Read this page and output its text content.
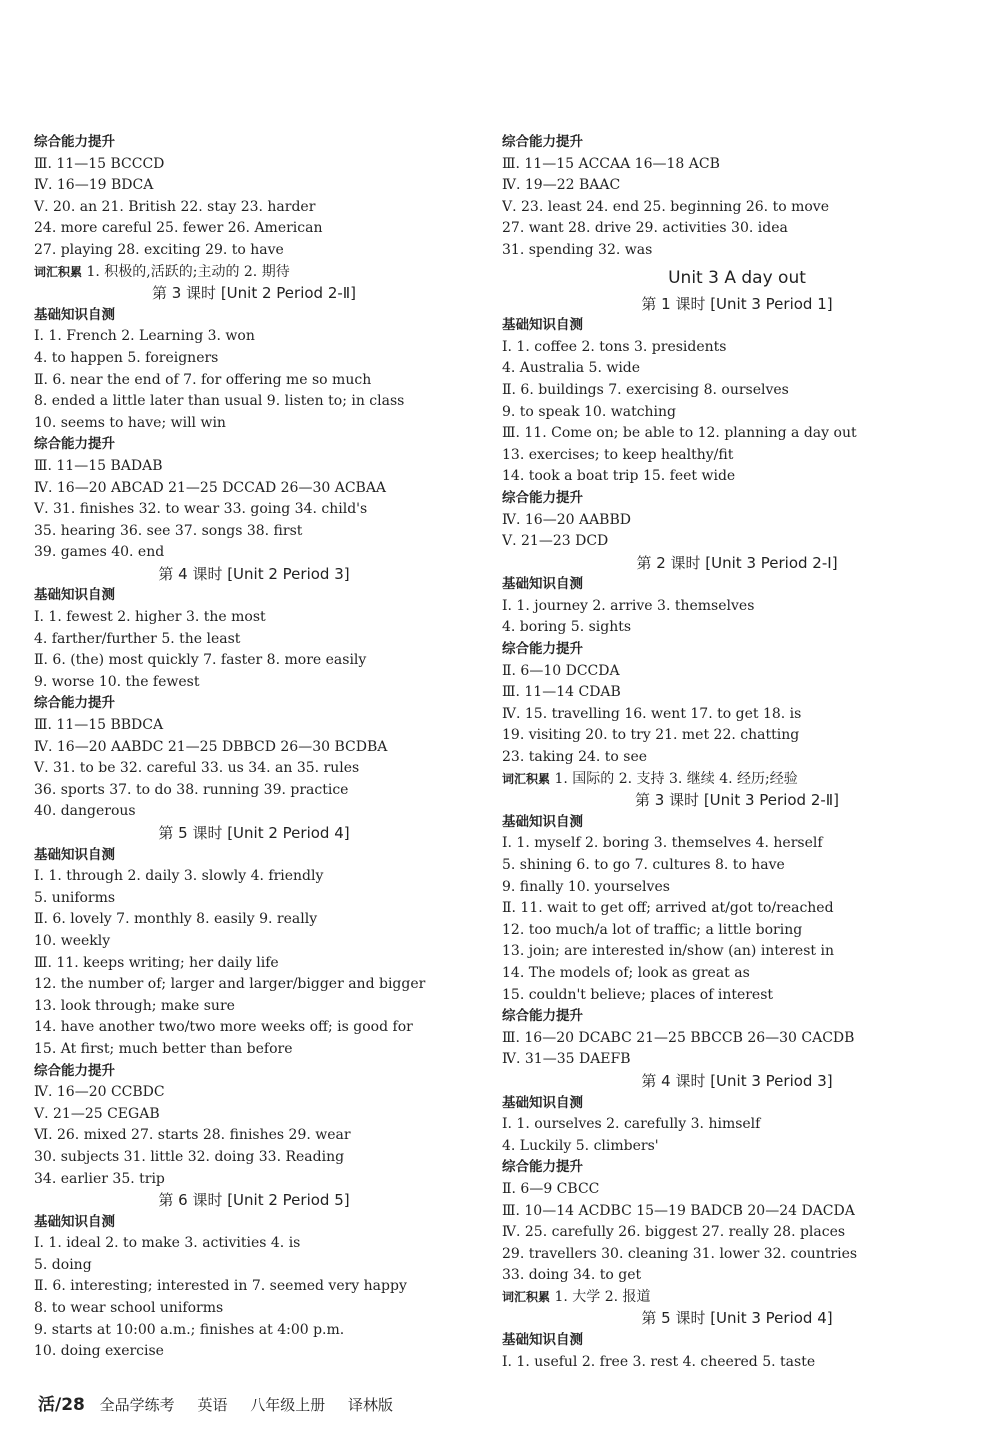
综合能力提升
Ⅲ. 11—15 BCCCD
Ⅳ. 16—19 BDCA
Ⅴ. 20. an 21. British 22. stay 23. harder
24. more careful 25. fewer 26. American
27. playing 28. exciting 29. to have
词汇积累 1. 积极的,活跃的;主动的 2. 期待
第 3 课时 [Unit 2 Period 2-Ⅱ]
基础知识自测
Ⅰ. 1. French 2. Learning 3. won
4. to happen 5. foreigners
Ⅱ. 6. near the end of 7. for offering me so much
8. ended a little later than usual 9. listen to; in class
10. seems to have; will win
综合能力提升
Ⅲ. 11—15 BADAB
Ⅳ. 16—20 ABCAD 21—25 DCCAD 26—30 ACBAA
Ⅴ. 31. finishes 32. to wear 33. going 34. child's
35. hearing 36. see 37. songs 38. first
39. games 40. end
第 4 课时 [Unit 2 Period 3]
基础知识自测
Ⅰ. 1. fewest 2. higher 3. the most
4. farther/further 5. the least
Ⅱ. 6. (the) most quickly 7. faster 8. more easily
9. worse 10. the fewest
综合能力提升
Ⅲ. 11—15 BBDCA
Ⅳ. 16—20 AABDC 21—25 DBBCD 26—30 BCDBA
Ⅴ. 31. to be 32. careful 33. us 34. an 35. rules
36. sports 37. to do 38. running 39. practice
40. dangerous
第 5 课时 [Unit 2 Period 4]
基础知识自测
Ⅰ. 1. through 2. daily 3. slowly 4. friendly
5. uniforms
Ⅱ. 6. lovely 7. monthly 8. easily 9. really
10. weekly
Ⅲ. 11. keeps writing; her daily life
12. the number of; larger and larger/bigger and bigger
13. look through; make sure
14. have another two/two more weeks off; is good for
15. At first; much better than before
综合能力提升
Ⅳ. 16—20 CCBDC
Ⅴ. 21—25 CEGAB
Ⅵ. 26. mixed 27. starts 28. finishes 29. wear
30. subjects 31. little 32. doing 33. Reading
34. earlier 35. trip
第 6 课时 [Unit 2 Period 5]
基础知识自测
Ⅰ. 1. ideal 2. to make 3. activities 4. is
5. doing
Ⅱ. 6. interesting; interested in 7. seemed very happy
8. to wear school uniforms
9. starts at 10:00 a.m.; finishes at 4:00 p.m.
10. doing exercise
综合能力提升
Ⅲ. 11—15 ACCAA 16—18 ACB
Ⅳ. 19—22 BAAC
Ⅴ. 23. least 24. end 25. beginning 26. to move
27. want 28. drive 29. activities 30. idea
31. spending 32. was
Unit 3 A day out
第 1 课时 [Unit 3 Period 1]
基础知识自测
Ⅰ. 1. coffee 2. tons 3. presidents
4. Australia 5. wide
Ⅱ. 6. buildings 7. exercising 8. ourselves
9. to speak 10. watching
Ⅲ. 11. Come on; be able to 12. planning a day out
13. exercises; to keep healthy/fit
14. took a boat trip 15. feet wide
综合能力提升
Ⅳ. 16—20 AABBD
Ⅴ. 21—23 DCD
第 2 课时 [Unit 3 Period 2-Ⅰ]
基础知识自测
Ⅰ. 1. journey 2. arrive 3. themselves
4. boring 5. sights
综合能力提升
Ⅱ. 6—10 DCCDA
Ⅲ. 11—14 CDAB
Ⅳ. 15. travelling 16. went 17. to get 18. is
19. visiting 20. to try 21. met 22. chatting
23. taking 24. to see
词汇积累 1. 国际的 2. 支持 3. 继续 4. 经历;经验
第 3 课时 [Unit 3 Period 2-Ⅱ]
基础知识自测
Ⅰ. 1. myself 2. boring 3. themselves 4. herself
5. shining 6. to go 7. cultures 8. to have
9. finally 10. yourselves
Ⅱ. 11. wait to get off; arrived at/got to/reached
12. too much/a lot of traffic; a little boring
13. join; are interested in/show (an) interest in
14. The models of; look as great as
15. couldn't believe; places of interest
综合能力提升
Ⅲ. 16—20 DCABC 21—25 BBCCB 26—30 CACDB
Ⅳ. 31—35 DAEFB
第 4 课时 [Unit 3 Period 3]
基础知识自测
Ⅰ. 1. ourselves 2. carefully 3. himself
4. Luckily 5. climbers'
综合能力提升
Ⅱ. 6—9 CBCC
Ⅲ. 10—14 ACDBC 15—19 BADCB 20—24 DACDA
Ⅳ. 25. carefully 26. biggest 27. really 28. places
29. travellers 30. cleaning 31. lower 32. countries
33. doing 34. to get
词汇积累 1. 大学 2. 报道
第 5 课时 [Unit 3 Period 4]
基础知识自测
Ⅰ. 1. useful 2. free 3. rest 4. cheered 5. taste
活/28 全品学练考 英语 八年级上册 译林版
